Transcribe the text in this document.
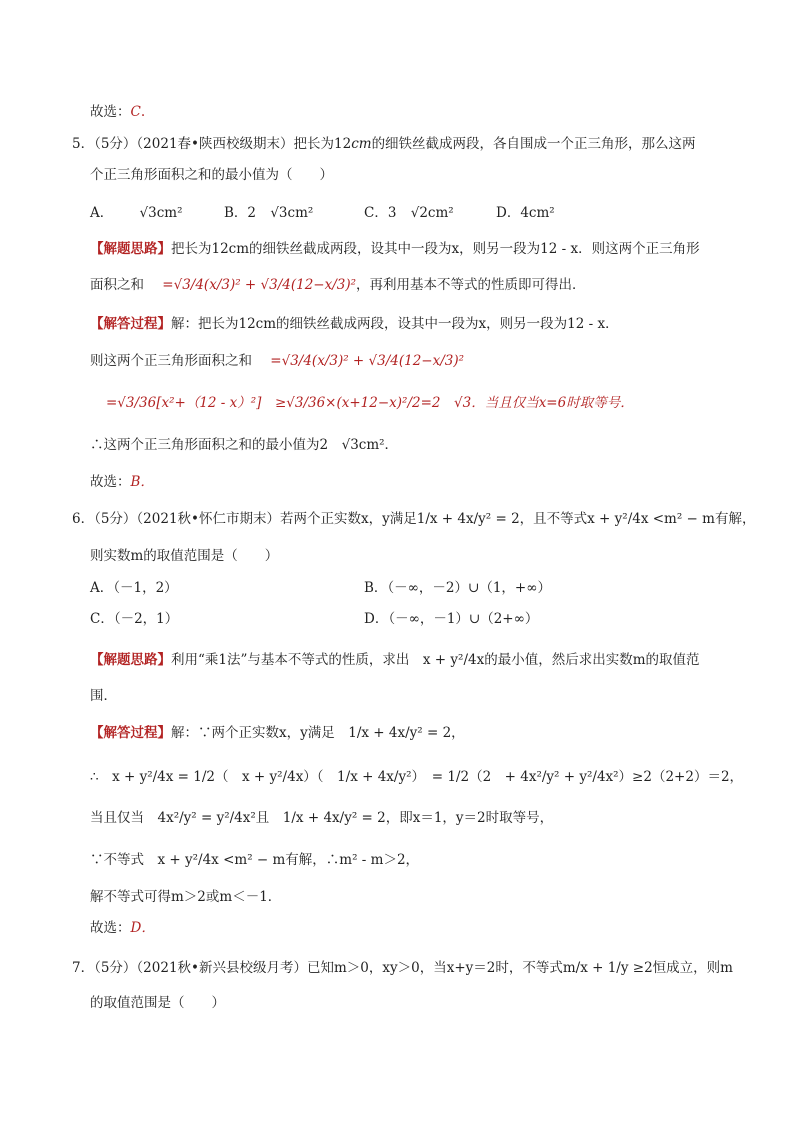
故选：C.
5．（5分）（2021春•陕西校级期末）把长为12cm的细铁丝截成两段，各自围成一个正三角形，那么这两
个正三角形面积之和的最小值为（　　）
A． √3cm²	B．2 √3cm²	C．3 √2cm²	D．4cm²
【解题思路】把长为12cm的细铁丝截成两段，设其中一段为x，则另一段为12 - x．则这两个正三角形
面积之和 =√3/4(x/3)² + √3/4(12−x/3)²，再利用基本不等式的性质即可得出．
【解答过程】解：把长为12cm的细铁丝截成两段，设其中一段为x，则另一段为12 - x．
则这两个正三角形面积之和 =√3/4(x/3)² + √3/4(12−x/3)²
=√3/36[x²+（12 - x）²]　≥√3/36×(x+12−x)²/2=2　√3．当且仅当x=6时取等号．
∴这两个正三角形面积之和的最小值为2　√3cm²．
故选：B．
6．（5分）（2021秋•怀仁市期末）若两个正实数x，y满足1/x + 4x/y² = 2，且不等式x + y²/4x <m² − m有解，
则实数m的取值范围是（　　）
A．（－1，2）	B．（－∞，－2）∪（1，+∞）
C．（－2，1）	D．（－∞，－1）∪（2+∞）
【解题思路】利用“乘1法”与基本不等式的性质，求出　x + y²/4x的最小值，然后求出实数m的取值范
围．
【解答过程】解：∵两个正实数x，y满足　1/x + 4x/y² = 2，
∴　x + y²/4x = 1/2（　x + y²/4x）（　1/x + 4x/y²）　= 1/2（2　+ 4x²/y² + y²/4x²）≥2（2+2）＝2，
当且仅当　4x²/y² = y²/4x²且　1/x + 4x/y² = 2，即x＝1，y＝2时取等号，
∵不等式　x + y²/4x <m² − m有解，∴m² - m＞2，
解不等式可得m＞2或m＜－1．
故选：D．
7．（5分）（2021秋•新兴县校级月考）已知m＞0，xy＞0，当x+y＝2时，不等式m/x + 1/y ≥2恒成立，则m
的取值范围是（　　）
